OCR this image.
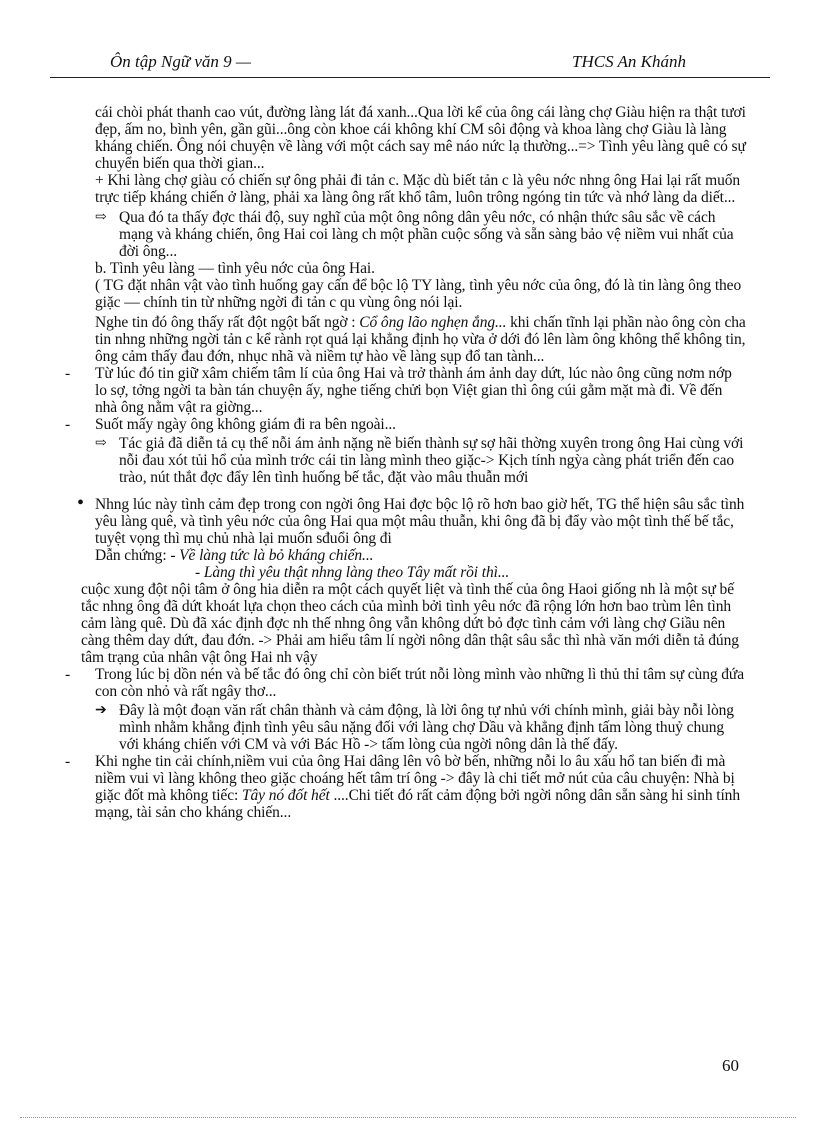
Ôn tập Ngữ văn 9 —	THCS An Khánh

cái chòi phát thanh cao vút, đường làng lát đá xanh...Qua lời kể của ông cái làng chợ Giàu hiện ra thật tươi đẹp, ấm no, bình yên, gần gũi...ông còn khoe cái không khí CM sôi động và khoa làng chợ Giàu là làng kháng chiến. Ông nói chuyện về làng với một cách say mê náo nức lạ thường...=> Tình yêu làng quê có sự chuyển biến qua thời gian...

+ Khi làng chợ giàu có chiến sự ông phải đi tản c. Mặc dù biết tản c là yêu nớc nhng ông Hai lại rất muốn trực tiếp kháng chiến ở làng, phải xa làng ông rất khổ tâm, luôn trông ngóng tin tức và nhớ làng da diết...

⇨ Qua đó ta thấy đợc thái độ, suy nghĩ của một ông nông dân yêu nớc, có nhận thức sâu sắc về cách mạng và kháng chiến, ông Hai coi làng ch một phần cuộc sống và sẵn sàng bảo vệ niềm vui nhất của đời ông...

b. Tình yêu làng — tình yêu nớc của ông Hai.

( TG đặt nhân vật vào tình huống gay cấn để bộc lộ TY làng, tình yêu nớc của ông, đó là tin làng ông theo giặc — chính tin từ những ngời đi tản c qu vùng ông nói lại.

Nghe tin đó ông thấy rất đột ngột bất ngờ : Cổ ông lão nghẹn ắng... khi chấn tĩnh lại phần nào ông còn cha tin nhng những ngời tản c kể rành rọt quá lại khẳng định họ vừa ở dới đó lên làm ông không thể không tin, ông cảm thấy đau đớn, nhục nhã và niềm tự hào về làng sụp đổ tan tành...

- Từ lúc đó tin giữ xâm chiếm tâm lí của ông Hai và trở thành ám ảnh day dứt, lúc nào ông cũng nơm nớp lo sợ, tởng ngời ta bàn tán chuyện ấy, nghe tiếng chửi bọn Việt gian thì ông cúi gằm mặt mà đi. Về đến nhà ông nằm vật ra giờng...
- Suốt mấy ngày ông không giám đi ra bên ngoài...
⇨ Tác giả đã diễn tả cụ thể nỗi ám ảnh nặng nề biến thành sự sợ hãi thờng xuyên trong ông Hai cùng với nỗi đau xót tủi hổ của mình trớc cái tin làng mình theo giặc-> Kịch tính ngỳa càng phát triển đến cao trào, nút thắt đợc đẩy lên tình huống bế tắc, đặt vào mâu thuẫn mới
• Nhng lúc này tình cảm đẹp trong con ngời ông Hai đợc bộc lộ rõ hơn bao giờ hết, TG thể hiện sâu sắc tình yêu làng quê, và tình yêu nớc của ông Hai qua một mâu thuẫn, khi ông đã bị đẩy vào một tình thế bế tắc, tuyệt vọng thì mụ chủ nhà lại muốn sđuổi ông đi

Dẫn chứng: - Về làng tức là bỏ kháng chiến...

- Làng thì yêu thật nhng làng theo Tây mất rồi thì...

cuộc xung đột nội tâm ở ông hia diễn ra một cách quyết liệt và tình thế của ông Haoi giống nh là một sự bế tắc nhng ông đã dứt khoát lựa chọn theo cách của mình bởi tình yêu nớc đã rộng lớn hơn bao trùm lên tình cảm làng quê. Dù đã xác định đợc nh thế nhng ông vẫn không dứt bỏ đợc tình cảm với làng chợ Giầu nên càng thêm day dứt, đau đớn. -> Phải am hiểu tâm lí ngời nông dân thật sâu sắc thì nhà văn mới diễn tả đúng tâm trạng của nhân vật ông Hai nh vậy

- Trong lúc bị dồn nén và bế tắc đó ông chỉ còn biết trút nỗi lòng mình vào những lì thủ thỉ tâm sự cùng đứa con còn nhỏ và rất ngây thơ...
➔ Đây là một đoạn văn rất chân thành và cảm động, là lời ông tự nhủ với chính mình, giải bày nỗi lòng mình nhằm khẳng định tình yêu sâu nặng đối với làng chợ Dầu và khẳng định tấm lòng thuỷ chung với kháng chiến với CM và với Bác Hồ -> tấm lòng của ngời nông dân là thế đấy.
- Khi nghe tin cải chính,niềm vui của ông Hai dâng lên vô bờ bến, những nỗi lo âu xấu hổ tan biến đi mà niềm vui vì làng không theo giặc choáng hết tâm trí ông -> đây là chi tiết mở nút của câu chuyện: Nhà bị giặc đốt mà không tiếc: Tây nó đốt hết ....Chi tiết đó rất cảm động bởi ngời nông dân sẵn sàng hi sinh tính mạng, tài sản cho kháng chiến...
60
